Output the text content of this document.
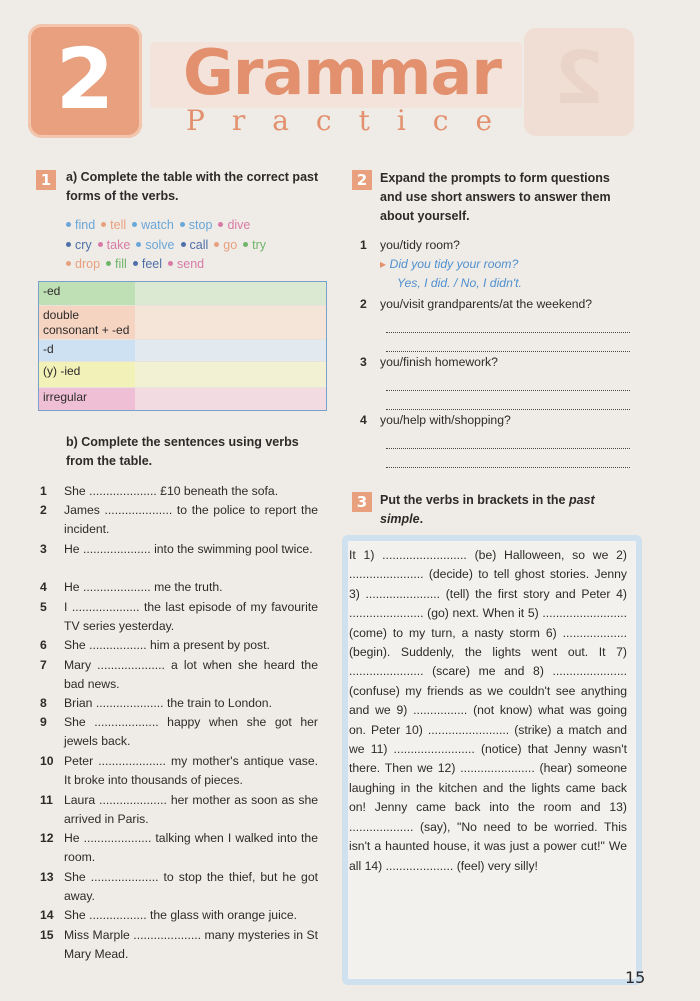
2	Grammar
Practice
2
1	a) Complete the table with the correct past forms of the verbs.
find tell watch stop dive
cry take solve call go try
drop fill feel send
-ed
double consonant + -ed
-d
(y) -ied
irregular
b) Complete the sentences using verbs from the table.
1	She .................... £10 beneath the sofa.
2	James .................... to the police to report the incident.
3	He .................... into the swimming pool twice.
4	He .................... me the truth.
5	I .................... the last episode of my favourite TV series yesterday.
6	She ................. him a present by post.
7	Mary .................... a lot when she heard the bad news.
8	Brian .................... the train to London.
9	She ................... happy when she got her jewels back.
10 Peter .................... my mother's antique vase. It broke into thousands of pieces.
11 Laura .................... her mother as soon as she arrived in Paris.
12 He .................... talking when I walked into the room.
13 She .................... to stop the thief, but he got away.
14 She ................. the glass with orange juice.
15 Miss Marple .................... many mysteries in St Mary Mead.
2	Expand the prompts to form questions and use short answers to answer them about yourself.
1 you/tidy room?
▸ Did you tidy your room?
Yes, I did. / No, I didn't.
2 you/visit grandparents/at the weekend?
3 you/finish homework?
4 you/help with/shopping?
3	Put the verbs in brackets in the past simple.
It 1) ......................... (be) Halloween, so we 2) ...................... (decide) to tell ghost stories. Jenny 3) ...................... (tell) the first story and Peter 4) ...................... (go) next. When it 5) ......................... (come) to my turn, a nasty storm 6) ................... (begin). Suddenly, the lights went out. It 7) ...................... (scare) me and 8) ...................... (confuse) my friends as we couldn't see anything and we 9) ................ (not know) what was going on. Peter 10) ........................ (strike) a match and we 11) ........................ (notice) that Jenny wasn't there. Then we 12) ...................... (hear) someone laughing in the kitchen and the lights came back on! Jenny came back into the room and 13) ................... (say), "No need to be worried. This isn't a haunted house, it was just a power cut!" We all 14) .................... (feel) very silly!
15
